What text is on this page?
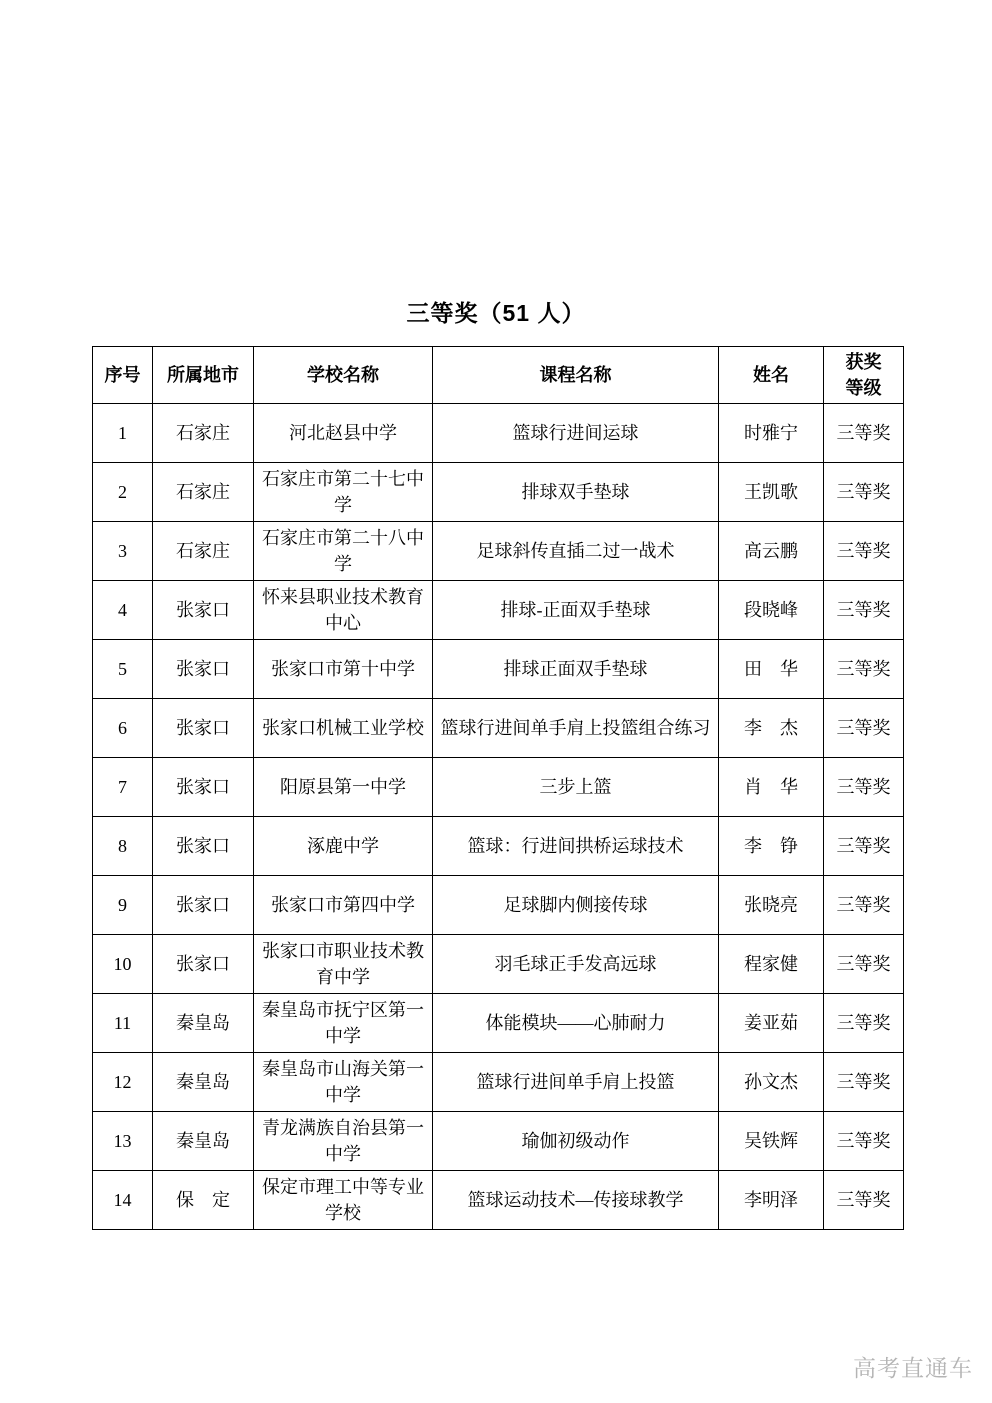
三等奖（51 人）
序号	所属地市	学校名称	课程名称	姓名	获奖等级
1	石家庄	河北赵县中学	篮球行进间运球	时雅宁	三等奖
2	石家庄	石家庄市第二十七中学	排球双手垫球	王凯歌	三等奖
3	石家庄	石家庄市第二十八中学	足球斜传直插二过一战术	高云鹏	三等奖
4	张家口	怀来县职业技术教育中心	排球-正面双手垫球	段晓峰	三等奖
5	张家口	张家口市第十中学	排球正面双手垫球	田　华	三等奖
6	张家口	张家口机械工业学校	篮球行进间单手肩上投篮组合练习	李　杰	三等奖
7	张家口	阳原县第一中学	三步上篮	肖　华	三等奖
8	张家口	涿鹿中学	篮球：行进间拱桥运球技术	李　铮	三等奖
9	张家口	张家口市第四中学	足球脚内侧接传球	张晓亮	三等奖
10	张家口	张家口市职业技术教育中学	羽毛球正手发高远球	程家健	三等奖
11	秦皇岛	秦皇岛市抚宁区第一中学	体能模块——心肺耐力	姜亚茹	三等奖
12	秦皇岛	秦皇岛市山海关第一中学	篮球行进间单手肩上投篮	孙文杰	三等奖
13	秦皇岛	青龙满族自治县第一中学	瑜伽初级动作	吴铁辉	三等奖
14	保　定	保定市理工中等专业学校	篮球运动技术—传接球教学	李明泽	三等奖
高考直通车
